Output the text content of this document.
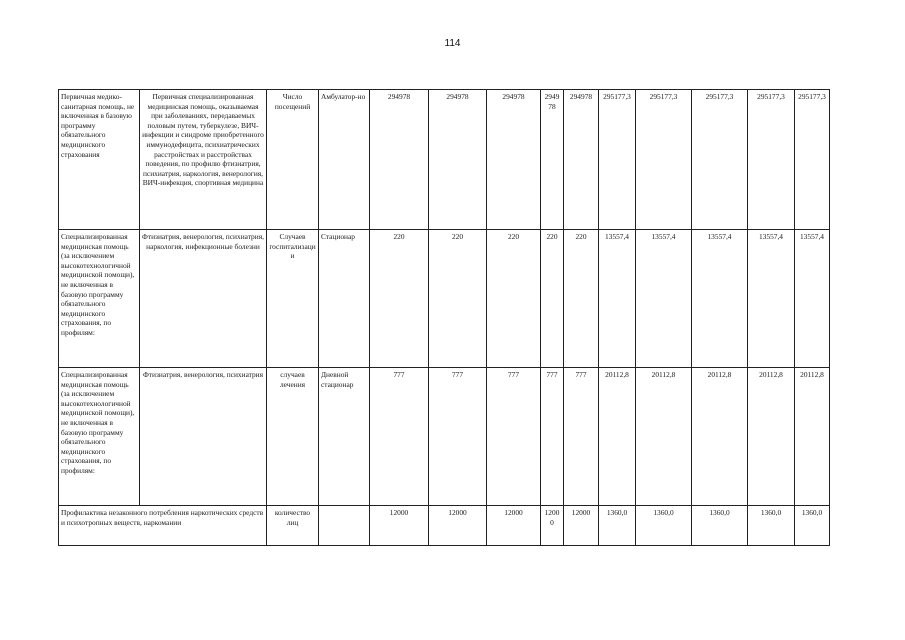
114
Первичная медико-санитарная помощь, не включенная в базовую программу обязательного медицинского страхования	Первичная специализированная медицинская помощь, оказываемая при заболеваниях, передаваемых половым путем, туберкулезе, ВИЧ-инфекции и синдроме приобретенного иммунодефицита, психиатрических расстройствах и расстройствах поведения, по профилю фтизиатрия, психиатрия, наркология, венерология, ВИЧ-инфекция, спортивная медицина	Число посещений	Амбулатор-но	294978	294978	294978	294978	294978	295177,3	295177,3	295177,3	295177,3	295177,3
Специализированная медицинская помощь (за исключением высокотехнологичной медицинской помощи), не включенная в базовую программу обязательного медицинского страхования, по профилям:	Фтизиатрия, венерология, психиатрия, наркология, инфекционные болезни	Случаев госпитализации	Стационар	220	220	220	220	220	13557,4	13557,4	13557,4	13557,4	13557,4
Специализированная медицинская помощь (за исключением высокотехнологичной медицинской помощи), не включенная в базовую программу обязательного медицинского страхования, по профилям:	Фтизиатрия, венерология, психиатрия	случаев лечения	Дневной стационар	777	777	777	777	777	20112,8	20112,8	20112,8	20112,8	20112,8
Профилактика незаконного потребления наркотических средств и психотропных веществ, наркомании		количество лиц		12000	12000	12000	12000	12000	1360,0	1360,0	1360,0	1360,0	1360,0
